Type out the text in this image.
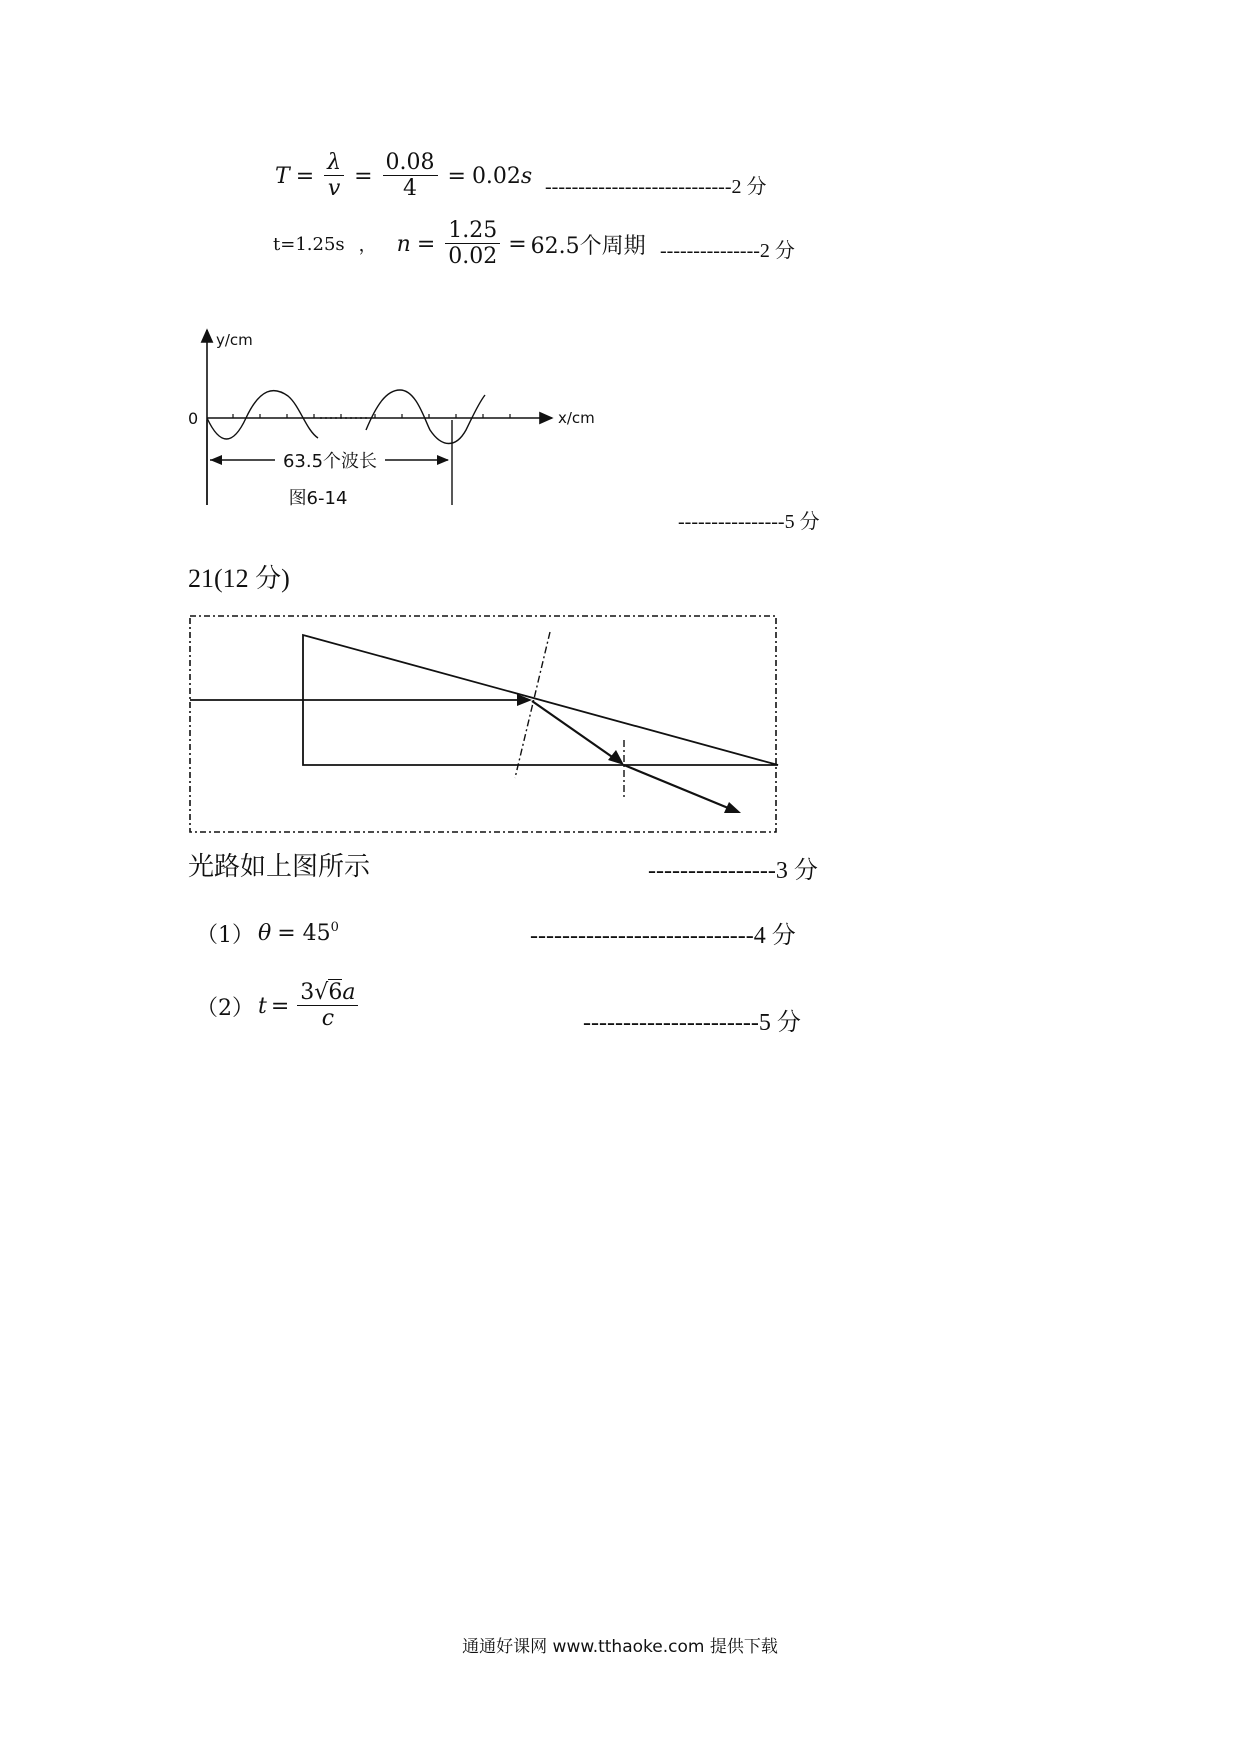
$T = \frac{\lambda}{v} = \frac{0.08}{4} = 0.02$ s ----------------------------2 分
t=1.25s ， $n = \frac{1.25}{0.02} = 62.5$个周期 ---------------2 分
63.5个波长
y/cm
x/cm
0
图6-14
----------------5 分
21(12 分)
光路如上图所示	----------------3 分
（1） $\theta = 45^0$	----------------------------4 分
（2） $t = \frac{3√6a}{c}$	----------------------5 分
通通好课网 www.tthaoke.com 提供下载
